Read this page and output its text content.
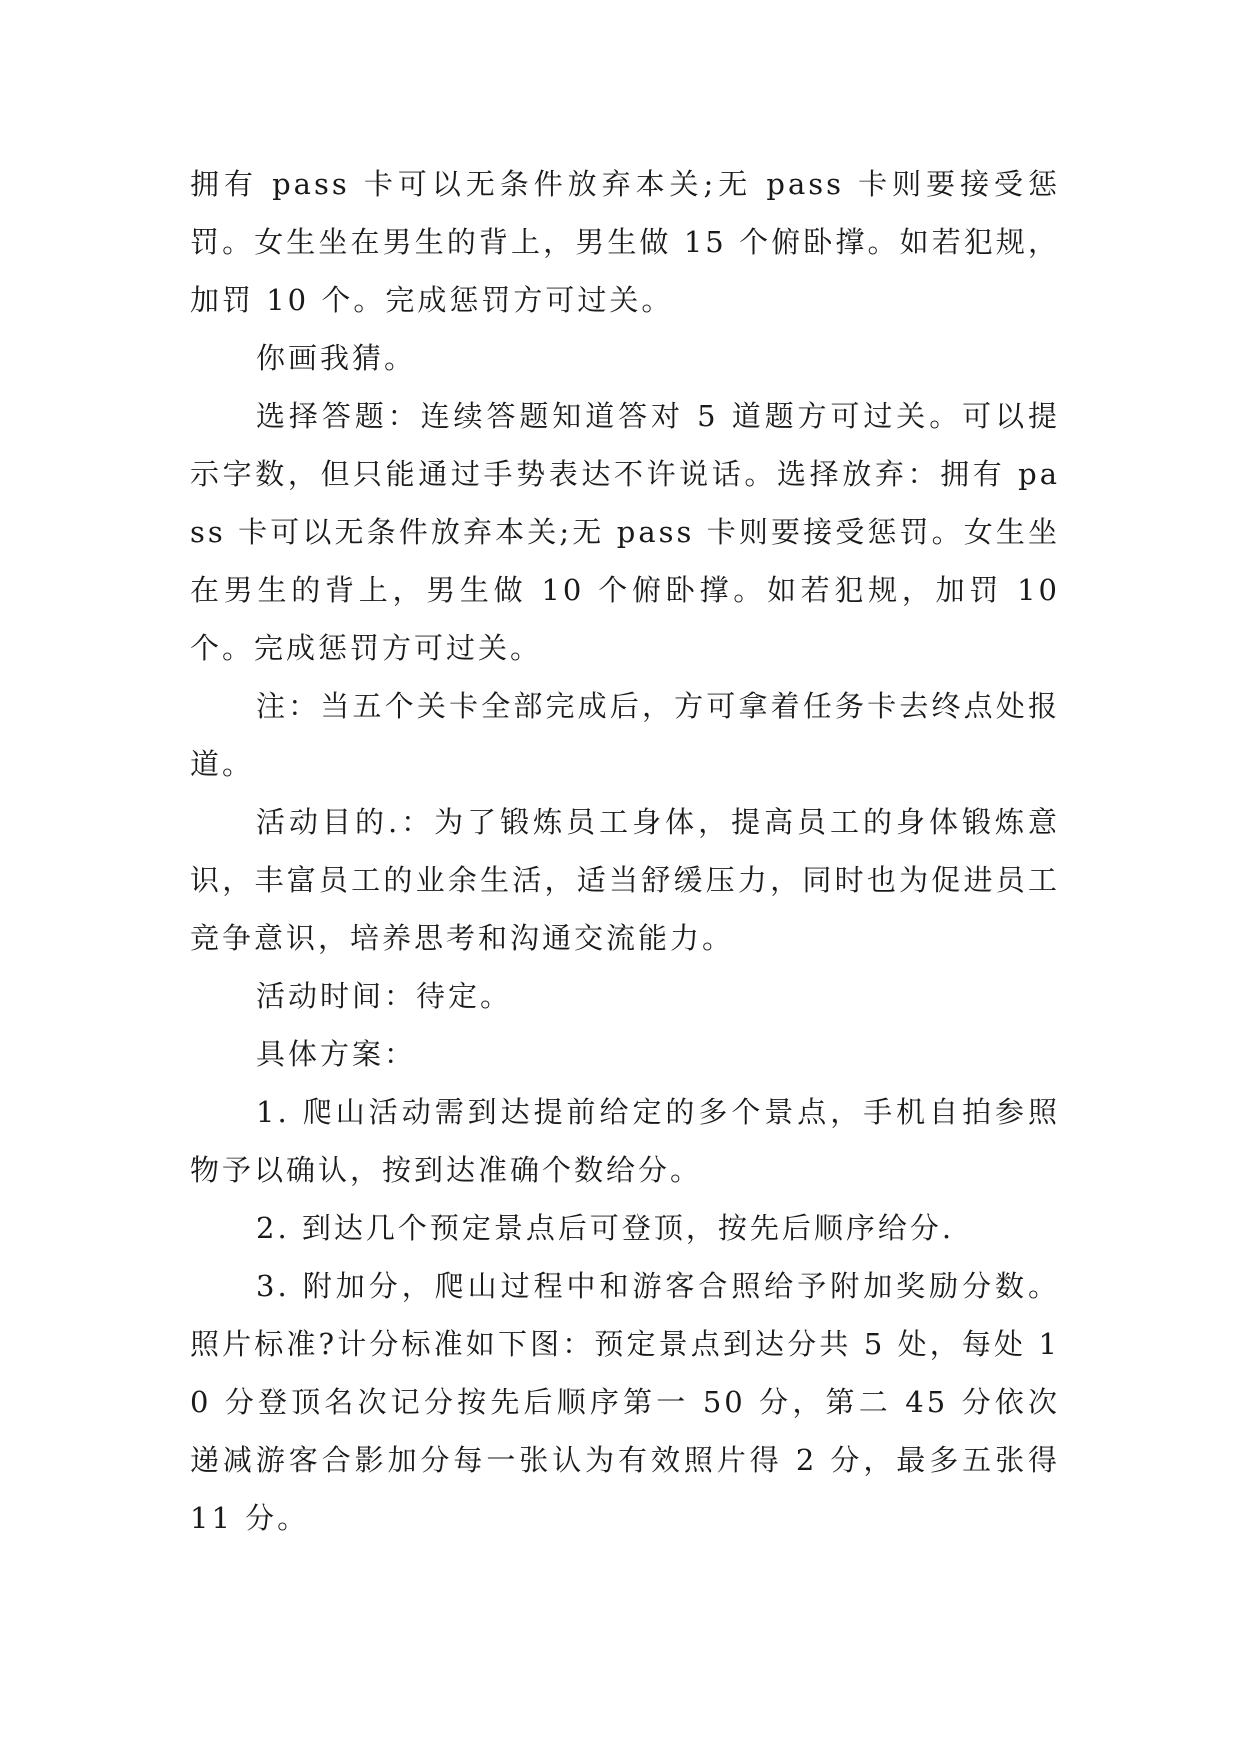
拥有 pass 卡可以无条件放弃本关;无 pass 卡则要接受惩罚。女生坐在男生的背上，男生做 15 个俯卧撑。如若犯规，加罚 10 个。完成惩罚方可过关。

你画我猜。

选择答题：连续答题知道答对 5 道题方可过关。可以提示字数，但只能通过手势表达不许说话。选择放弃：拥有 pass 卡可以无条件放弃本关;无 pass 卡则要接受惩罚。女生坐在男生的背上，男生做 10 个俯卧撑。如若犯规，加罚 10 个。完成惩罚方可过关。

注：当五个关卡全部完成后，方可拿着任务卡去终点处报道。

活动目的.：为了锻炼员工身体，提高员工的身体锻炼意识，丰富员工的业余生活，适当舒缓压力，同时也为促进员工竞争意识，培养思考和沟通交流能力。

活动时间：待定。

具体方案：

1. 爬山活动需到达提前给定的多个景点，手机自拍参照物予以确认，按到达准确个数给分。

2. 到达几个预定景点后可登顶，按先后顺序给分.

3. 附加分，爬山过程中和游客合照给予附加奖励分数。照片标准?计分标准如下图：预定景点到达分共 5 处，每处 10 分登顶名次记分按先后顺序第一 50 分，第二 45 分依次递减游客合影加分每一张认为有效照片得 2 分，最多五张得 11 分。
